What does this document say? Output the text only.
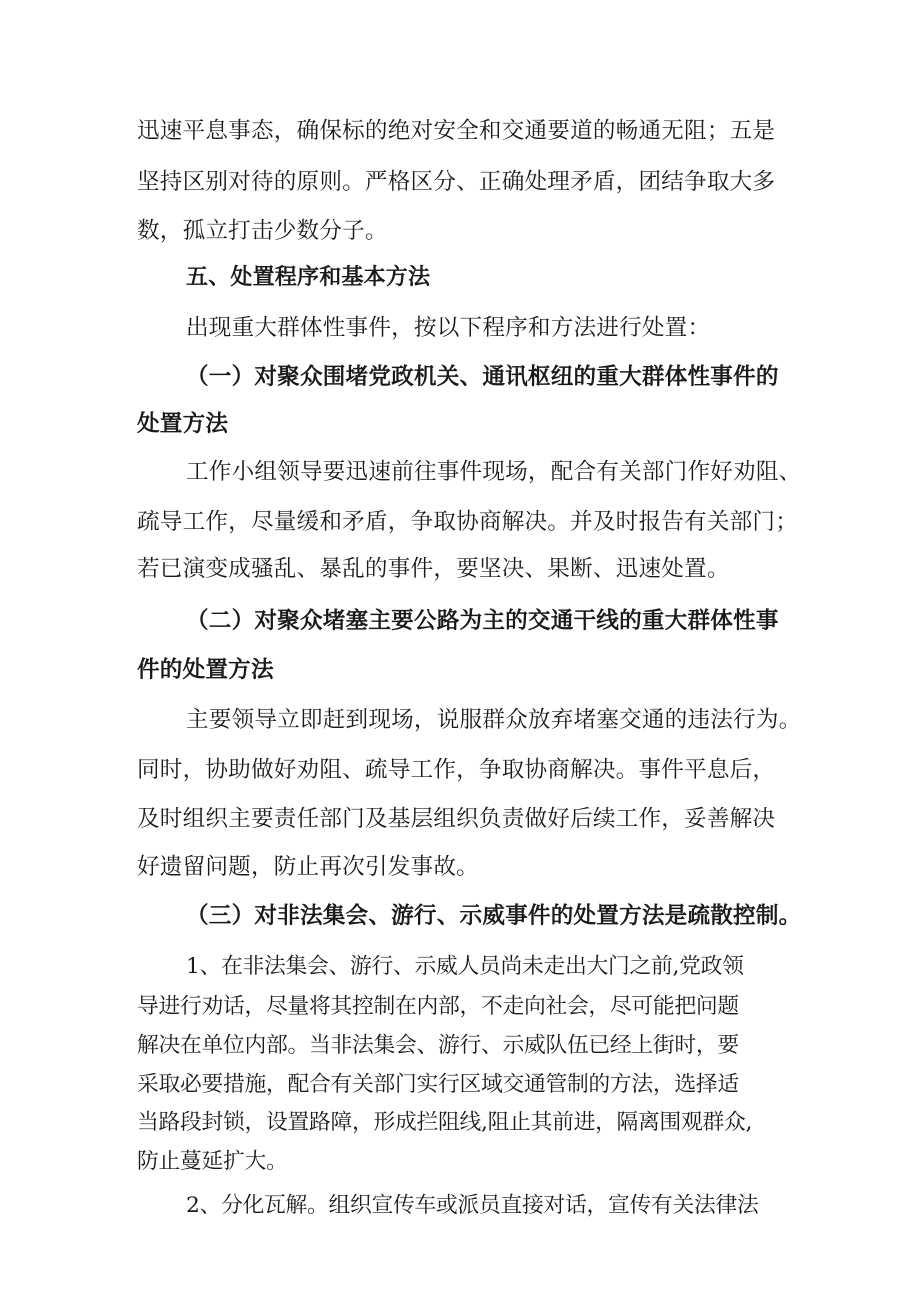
迅速平息事态，确保标的绝对安全和交通要道的畅通无阻；五是
坚持区别对待的原则。严格区分、正确处理矛盾，团结争取大多
数，孤立打击少数分子。
五、处置程序和基本方法
出现重大群体性事件，按以下程序和方法进行处置：
（一）对聚众围堵党政机关、通讯枢纽的重大群体性事件的
处置方法
工作小组领导要迅速前往事件现场，配合有关部门作好劝阻、
疏导工作，尽量缓和矛盾，争取协商解决。并及时报告有关部门；
若已演变成骚乱、暴乱的事件，要坚决、果断、迅速处置。
（二）对聚众堵塞主要公路为主的交通干线的重大群体性事
件的处置方法
主要领导立即赶到现场，说服群众放弃堵塞交通的违法行为。
同时，协助做好劝阻、疏导工作，争取协商解决。事件平息后，
及时组织主要责任部门及基层组织负责做好后续工作，妥善解决
好遗留问题，防止再次引发事故。
（三）对非法集会、游行、示威事件的处置方法是疏散控制。
1、在非法集会、游行、示威人员尚未走出大门之前,党政领
导进行劝话，尽量将其控制在内部，不走向社会，尽可能把问题
解决在单位内部。当非法集会、游行、示威队伍已经上街时，要
采取必要措施，配合有关部门实行区域交通管制的方法，选择适
当路段封锁，设置路障，形成拦阻线,阻止其前进，隔离围观群众,
防止蔓延扩大。
2、分化瓦解。组织宣传车或派员直接对话，宣传有关法律法
